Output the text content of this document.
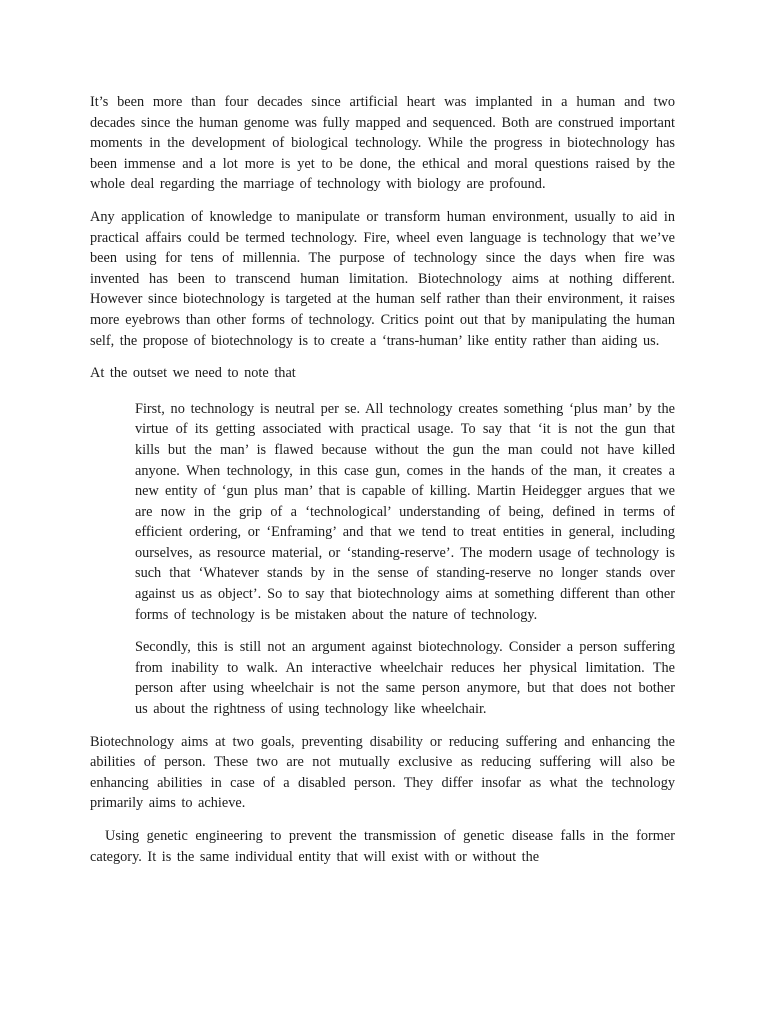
It’s been more than four decades since artificial heart was implanted in a human and two decades since the human genome was fully mapped and sequenced. Both are construed important moments in the development of biological technology. While the progress in biotechnology has been immense and a lot more is yet to be done, the ethical and moral questions raised by the whole deal regarding the marriage of technology with biology are profound.

Any application of knowledge to manipulate or transform human environment, usually to aid in practical affairs could be termed technology. Fire, wheel even language is technology that we’ve been using for tens of millennia. The purpose of technology since the days when fire was invented has been to transcend human limitation. Biotechnology aims at nothing different. However since biotechnology is targeted at the human self rather than their environment, it raises more eyebrows than other forms of technology. Critics point out that by manipulating the human self, the propose of biotechnology is to create a ‘trans-human’ like entity rather than aiding us.

At the outset we need to note that

First, no technology is neutral per se. All technology creates something ‘plus man’ by the virtue of its getting associated with practical usage. To say that ‘it is not the gun that kills but the man’ is flawed because without the gun the man could not have killed anyone. When technology, in this case gun, comes in the hands of the man, it creates a new entity of ‘gun plus man’ that is capable of killing. Martin Heidegger argues that we are now in the grip of a ‘technological’ understanding of being, defined in terms of efficient ordering, or ‘Enframing’ and that we tend to treat entities in general, including ourselves, as resource material, or ‘standing-reserve’. The modern usage of technology is such that ‘Whatever stands by in the sense of standing-reserve no longer stands over against us as object’. So to say that biotechnology aims at something different than other forms of technology is be mistaken about the nature of technology.

Secondly, this is still not an argument against biotechnology. Consider a person suffering from inability to walk. An interactive wheelchair reduces her physical limitation. The person after using wheelchair is not the same person anymore, but that does not bother us about the rightness of using technology like wheelchair.

Biotechnology aims at two goals, preventing disability or reducing suffering and enhancing the abilities of person. These two are not mutually exclusive as reducing suffering will also be enhancing abilities in case of a disabled person. They differ insofar as what the technology primarily aims to achieve.

Using genetic engineering to prevent the transmission of genetic disease falls in the former category. It is the same individual entity that will exist with or without the
